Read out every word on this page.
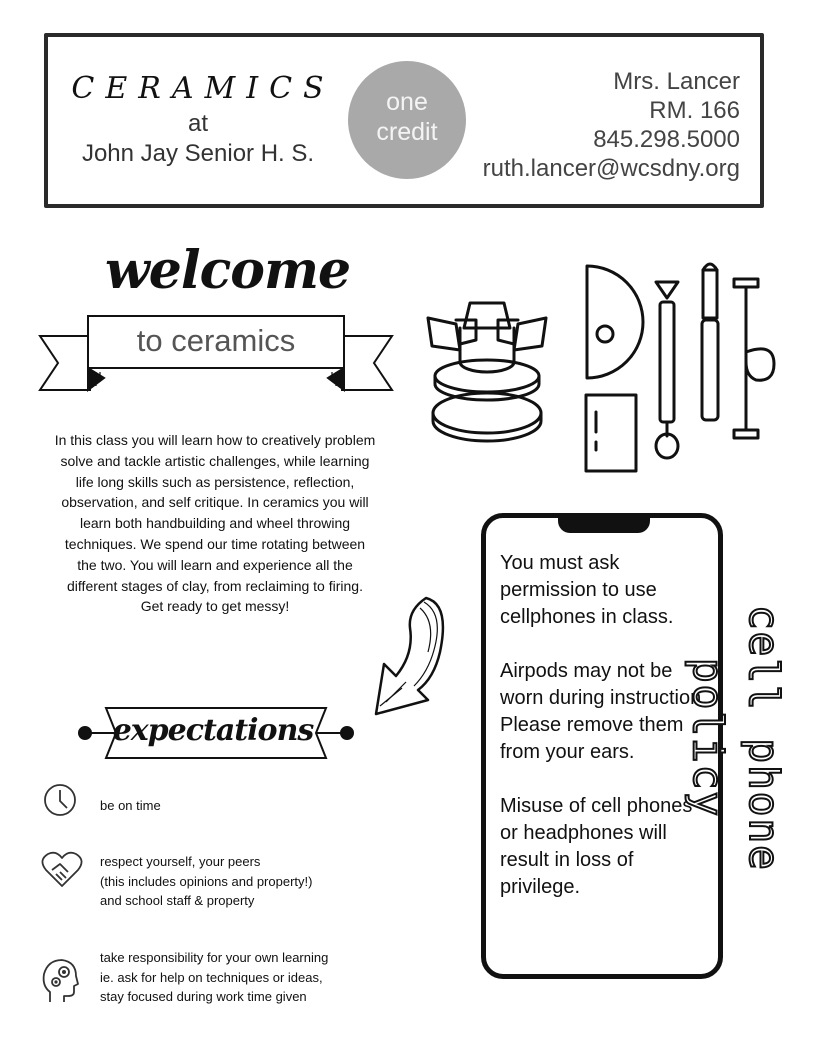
CERAMICS
at
John Jay Senior H. S.
one
credit
Mrs. Lancer
RM. 166
845.298.5000
ruth.lancer@wcsdny.org
welcome
to ceramics
In this class you will learn how to creatively problem solve and tackle artistic challenges, while learning life long skills such as persistence, reflection, observation, and self critique. In ceramics you will learn both handbuilding and wheel throwing techniques. We spend our time rotating between the two. You will learn and experience all the different stages of clay, from reclaiming to firing. Get ready to get messy!
expectations
be on time
respect yourself, your peers
(this includes opinions and property!)
and school staff & property
take responsibility for your own learning
ie. ask for help on techniques or ideas,
stay focused during work time given

You must ask permission to use cellphones in class.

Airpods may not be worn during instruction. Please remove them from your ears.

Misuse of cell phones or headphones will result in loss of privilege.

cell phone policy
